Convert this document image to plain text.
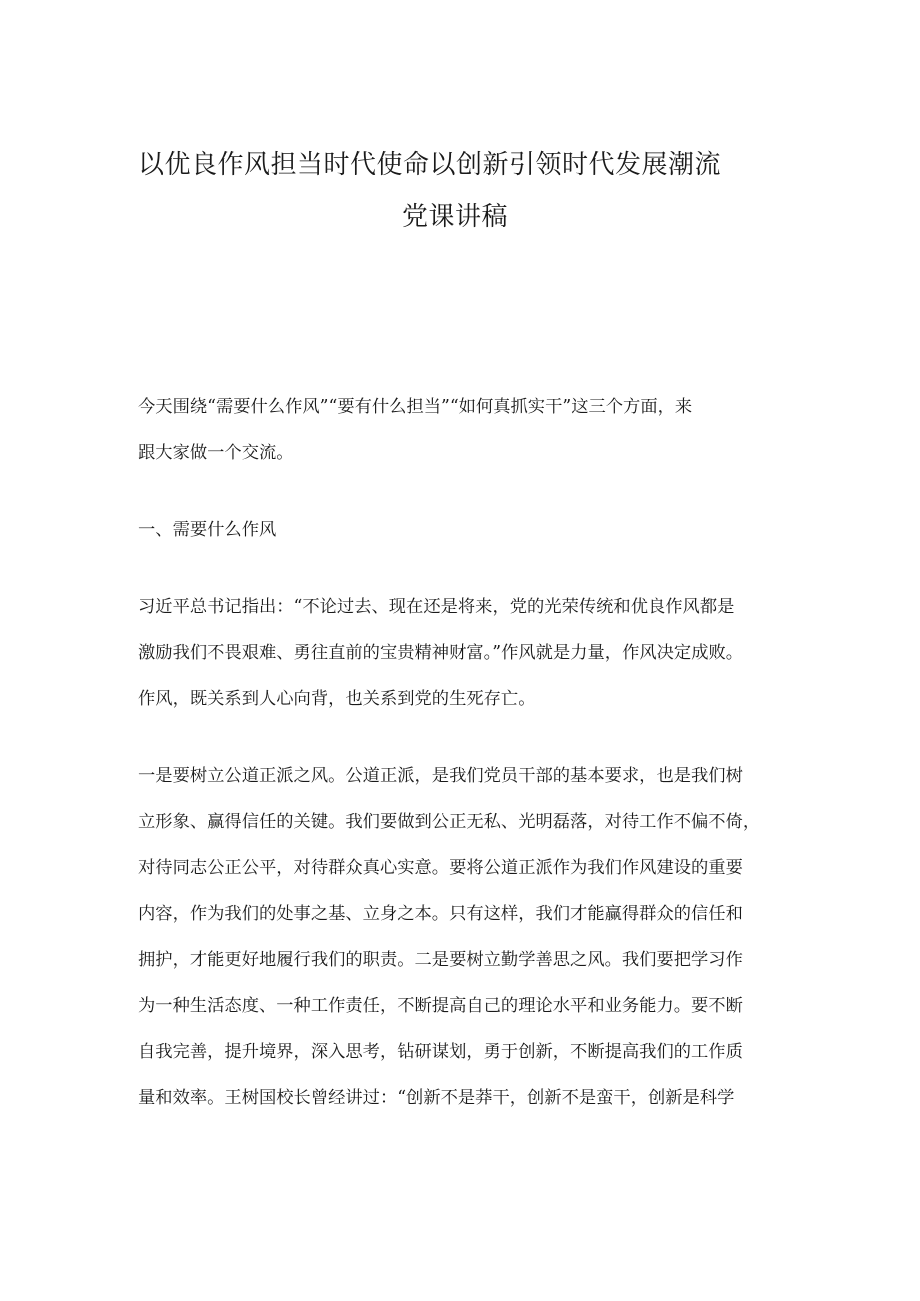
以优良作风担当时代使命以创新引领时代发展潮流
党课讲稿
今天围绕“需要什么作风”“要有什么担当”“如何真抓实干”这三个方面，来
跟大家做一个交流。
一、需要什么作风
习近平总书记指出：“不论过去、现在还是将来，党的光荣传统和优良作风都是
激励我们不畏艰难、勇往直前的宝贵精神财富。”作风就是力量，作风决定成败。
作风，既关系到人心向背，也关系到党的生死存亡。
一是要树立公道正派之风。公道正派，是我们党员干部的基本要求，也是我们树
立形象、赢得信任的关键。我们要做到公正无私、光明磊落，对待工作不偏不倚，
对待同志公正公平，对待群众真心实意。要将公道正派作为我们作风建设的重要
内容，作为我们的处事之基、立身之本。只有这样，我们才能赢得群众的信任和
拥护，才能更好地履行我们的职责。二是要树立勤学善思之风。我们要把学习作
为一种生活态度、一种工作责任，不断提高自己的理论水平和业务能力。要不断
自我完善，提升境界，深入思考，钻研谋划，勇于创新，不断提高我们的工作质
量和效率。王树国校长曾经讲过：“创新不是莽干，创新不是蛮干，创新是科学
